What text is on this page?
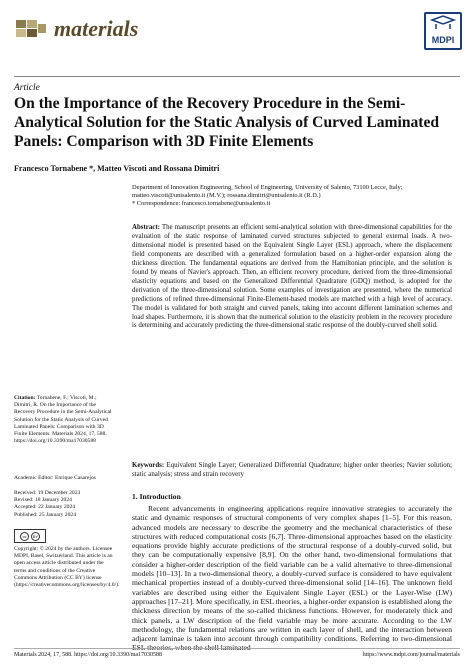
materials	MDPI
Article
On the Importance of the Recovery Procedure in the Semi-Analytical Solution for the Static Analysis of Curved Laminated Panels: Comparison with 3D Finite Elements
Francesco Tornabene *, Matteo Viscoti and Rossana Dimitri
Department of Innovation Engineering, School of Engineering, University of Salento, 73100 Lecce, Italy;
matteo.viscoti@unisalento.it (M.V.); rossana.dimitri@unisalento.it (R.D.)
* Correspondence: francesco.tornabene@unisalento.it
Abstract: The manuscript presents an efficient semi-analytical solution with three-dimensional capabilities for the evaluation of the static response of laminated curved structures subjected to general external loads. A two-dimensional model is presented based on the Equivalent Single Layer (ESL) approach, where the displacement field components are described with a generalized formulation based on a higher-order expansion along the thickness direction. The fundamental equations are derived from the Hamiltonian principle, and the solution is found by means of Navier's approach. Then, an efficient recovery procedure, derived from the three-dimensional elasticity equations and based on the Generalized Differential Quadrature (GDQ) method, is adopted for the derivation of the three-dimensional solution. Some examples of investigation are presented, where the numerical predictions of refined three-dimensional Finite-Element-based models are matched with a high level of accuracy. The model is validated for both straight and curved panels, taking into account different lamination schemes and load shapes. Furthermore, it is shown that the numerical solution to the elasticity problem in the recovery procedure is determining and accurately predicting the three-dimensional static response of the doubly-curved shell solid.
Keywords: Equivalent Single Layer; Generalized Differential Quadrature; higher order theories; Navier solution; static analysis; stress and strain recovery
Citation: Tornabene, F.; Viscoti, M.; Dimitri, R. On the Importance of the Recovery Procedure in the Semi-Analytical Solution for the Static Analysis of Curved Laminated Panels: Comparison with 3D Finite Elements. Materials 2024, 17, 588. https://doi.org/10.3390/ma17030588
Academic Editor: Enrique Casarejos
Received: 19 December 2023
Revised: 18 January 2024
Accepted: 22 January 2024
Published: 25 January 2024
cc	BY
Copyright: © 2024 by the authors. Licensee MDPI, Basel, Switzerland. This article is an open access article distributed under the terms and conditions of the Creative Commons Attribution (CC BY) license (https://creativecommons.org/licenses/by/4.0/).
1. Introduction
Recent advancements in engineering applications require innovative strategies to accurately the static and dynamic responses of structural components of very complex shapes [1–5]. For this reason, advanced models are necessary to describe the geometry and the mechanical characteristics of these structures with reduced computational costs [6,7]. Three-dimensional approaches based on the elasticity equations provide highly accurate predictions of the structural response of a doubly-curved solid, but they can be computationally expensive [8,9]. On the other hand, two-dimensional formulations that consider a higher-order description of the field variable can be a valid alternative to three-dimensional models [10–13]. In a two-dimensional theory, a doubly-curved surface is considered to have equivalent mechanical properties instead of a doubly-curved three-dimensional solid [14–16]. The unknown field variables are described using either the Equivalent Single Layer (ESL) or the Layer-Wise (LW) approaches [17–21]. More specifically, in ESL theories, a higher-order expansion is established along the thickness direction by means of the so-called thickness functions. However, for moderately thick and thick panels, a LW description of the field variable may be more accurate. According to the LW methodology, the fundamental relations are written in each layer of shell, and the interaction between adjacent laminae is taken into account through compatibility conditions. Referring to two-dimensional ESL theories, when the shell laminated
Materials 2024, 17, 588. https://doi.org/10.3390/ma17030588	https://www.mdpi.com/journal/materials
